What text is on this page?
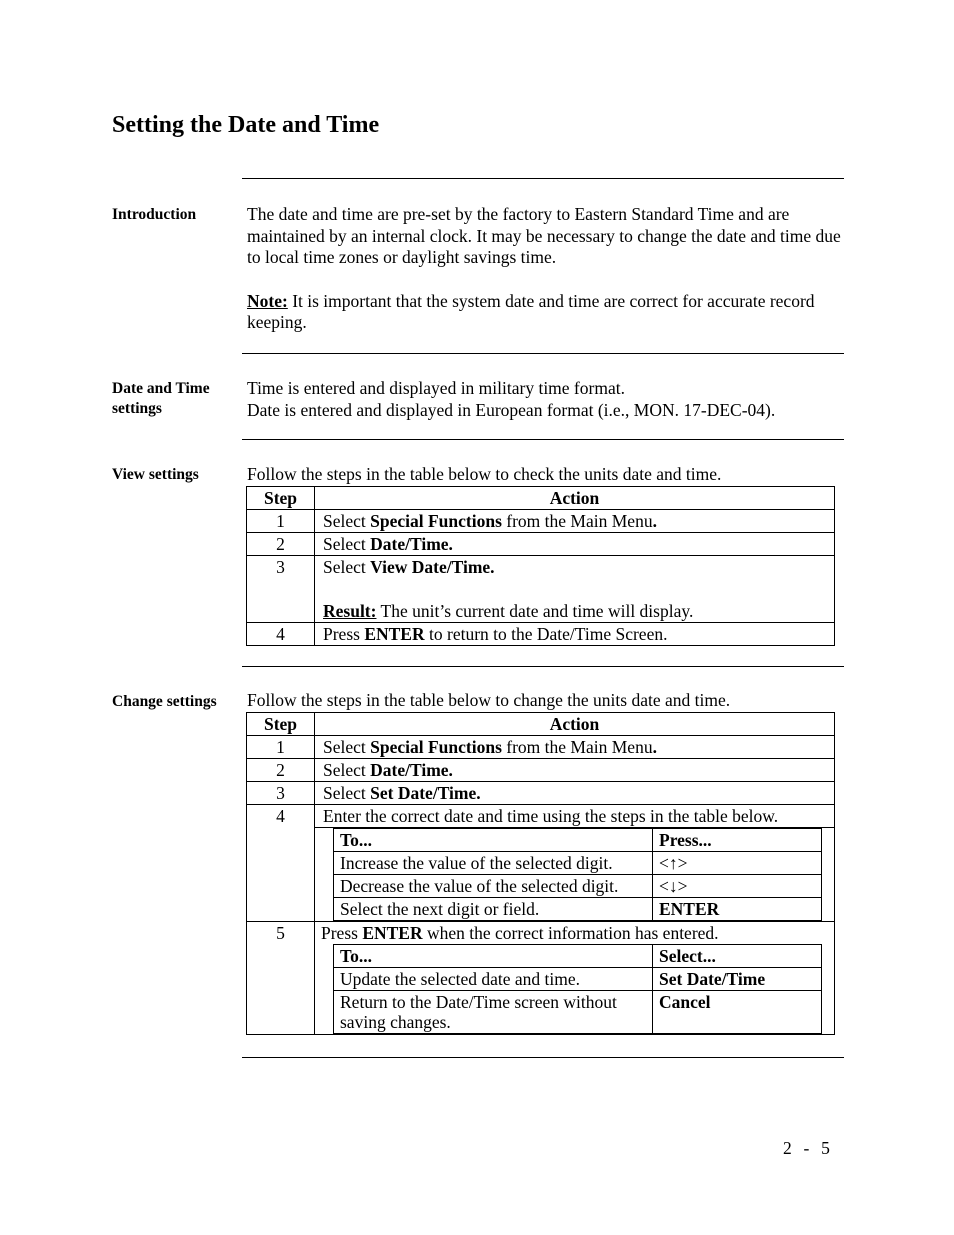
Setting the Date and Time
Introduction	The date and time are pre-set by the factory to Eastern Standard Time and are maintained by an internal clock. It may be necessary to change the date and time due to local time zones or daylight savings time.
Note: It is important that the system date and time are correct for accurate record keeping.
Date and Time
settings
Time is entered and displayed in military time format.
Date is entered and displayed in European format (i.e., MON. 17-DEC-04).
View settings	Follow the steps in the table below to check the units date and time.
Step	Action
1	Select Special Functions from the Main Menu.
2	Select Date/Time.
3	Select View Date/Time.
Result: The unit’s current date and time will display.

4	Press ENTER to return to the Date/Time Screen.
Change settings Follow the steps in the table below to change the units date and time.
Step	Action
1	Select Special Functions from the Main Menu.
2	Select Date/Time.
3	Select Set Date/Time.
4	Enter the correct date and time using the steps in the table below.

To...	Press...
Increase the value of the selected digit.	<↑>
Decrease the value of the selected digit.	<↓>
Select the next digit or field.	ENTER

5	Press ENTER when the correct information has entered.
To...	Select...
Update the selected date and time.	Set Date/Time
Return to the Date/Time screen without saving changes.	Cancel
2  -  5
